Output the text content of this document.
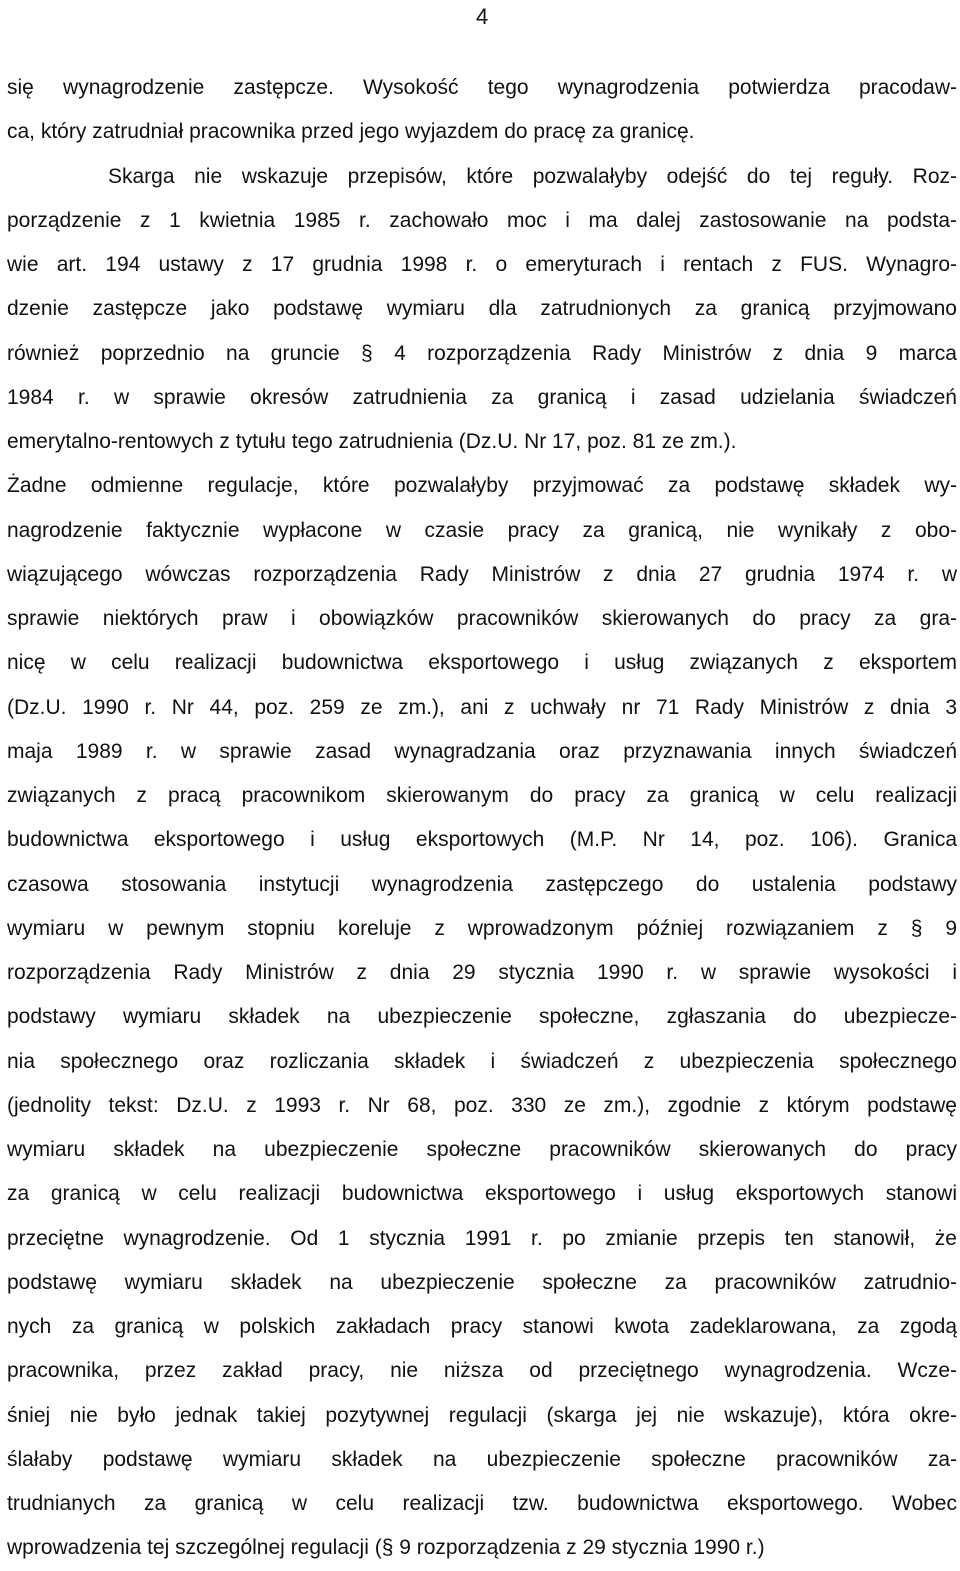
4
się wynagrodzenie zastępcze. Wysokość tego wynagrodzenia potwierdza pracodaw-
ca, który zatrudniał pracownika przed jego wyjazdem do pracę za granicę.
Skarga nie wskazuje przepisów, które pozwalałyby odejść do tej reguły. Roz-
porządzenie z 1 kwietnia 1985 r. zachowało moc i ma dalej zastosowanie na podsta-
wie art. 194 ustawy z 17 grudnia 1998 r. o emeryturach i rentach z FUS. Wynagro-
dzenie zastępcze jako podstawę wymiaru dla zatrudnionych za granicą przyjmowano
również poprzednio na gruncie § 4 rozporządzenia Rady Ministrów z dnia 9 marca
1984 r. w sprawie okresów zatrudnienia za granicą i zasad udzielania świadczeń
emerytalno-rentowych z tytułu tego zatrudnienia (Dz.U. Nr 17, poz. 81 ze zm.).
Żadne odmienne regulacje, które pozwalałyby przyjmować za podstawę składek wy-
nagrodzenie faktycznie wypłacone w czasie pracy za granicą, nie wynikały z obo-
wiązującego wówczas rozporządzenia Rady Ministrów z dnia 27 grudnia 1974 r. w
sprawie niektórych praw i obowiązków pracowników skierowanych do pracy za gra-
nicę w celu realizacji budownictwa eksportowego i usług związanych z eksportem
(Dz.U. 1990 r. Nr 44, poz. 259 ze zm.), ani z uchwały nr 71 Rady Ministrów z dnia 3
maja 1989 r. w sprawie zasad wynagradzania oraz przyznawania innych świadczeń
związanych z pracą pracownikom skierowanym do pracy za granicą w celu realizacji
budownictwa eksportowego i usług eksportowych (M.P. Nr 14, poz. 106). Granica
czasowa stosowania instytucji wynagrodzenia zastępczego do ustalenia podstawy
wymiaru w pewnym stopniu koreluje z wprowadzonym później rozwiązaniem z § 9
rozporządzenia Rady Ministrów z dnia 29 stycznia 1990 r. w sprawie wysokości i
podstawy wymiaru składek na ubezpieczenie społeczne, zgłaszania do ubezpiecze-
nia społecznego oraz rozliczania składek i świadczeń z ubezpieczenia społecznego
(jednolity tekst: Dz.U. z 1993 r. Nr 68, poz. 330 ze zm.), zgodnie z którym podstawę
wymiaru składek na ubezpieczenie społeczne pracowników skierowanych do pracy
za granicą w celu realizacji budownictwa eksportowego i usług eksportowych stanowi
przeciętne wynagrodzenie. Od 1 stycznia 1991 r. po zmianie przepis ten stanowił, że
podstawę wymiaru składek na ubezpieczenie społeczne za pracowników zatrudnio-
nych za granicą w polskich zakładach pracy stanowi kwota zadeklarowana, za zgodą
pracownika, przez zakład pracy, nie niższa od przeciętnego wynagrodzenia. Wcze-
śniej nie było jednak takiej pozytywnej regulacji (skarga jej nie wskazuje), która okre-
ślałaby podstawę wymiaru składek na ubezpieczenie społeczne pracowników za-
trudnianych za granicą w celu realizacji tzw. budownictwa eksportowego. Wobec
wprowadzenia tej szczególnej regulacji (§ 9 rozporządzenia z 29 stycznia 1990 r.)
